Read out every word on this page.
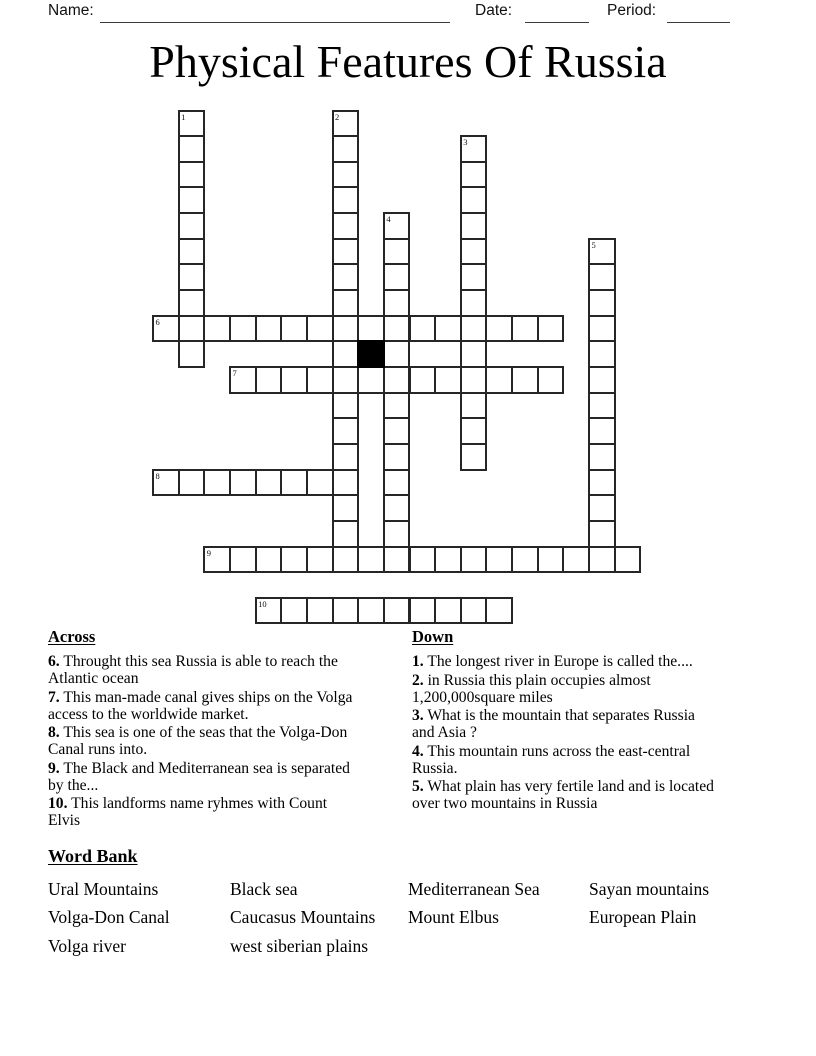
Name:	Date:	Period:
Physical Features Of Russia
1	2
3
4
5
6
7
8
9
10
Across
6. Throught this sea Russia is able to reach the
Atlantic ocean
7. This man-made canal gives ships on the Volga
access to the worldwide market.
8. This sea is one of the seas that the Volga-Don
Canal runs into.
9. The Black and Mediterranean sea is separated
by the...
10. This landforms name ryhmes with Count
Elvis
Down
1. The longest river in Europe is called the....
2. in Russia this plain occupies almost
1,200,000square miles
3. What is the mountain that separates Russia
and Asia ?
4. This mountain runs across the east-central
Russia.
5. What plain has very fertile land and is located
over two mountains in Russia
Word Bank
Ural Mountains
Volga-Don Canal
Volga river
Black sea
Caucasus Mountains
west siberian plains
Mediterranean Sea
Mount Elbus
Sayan mountains
European Plain
